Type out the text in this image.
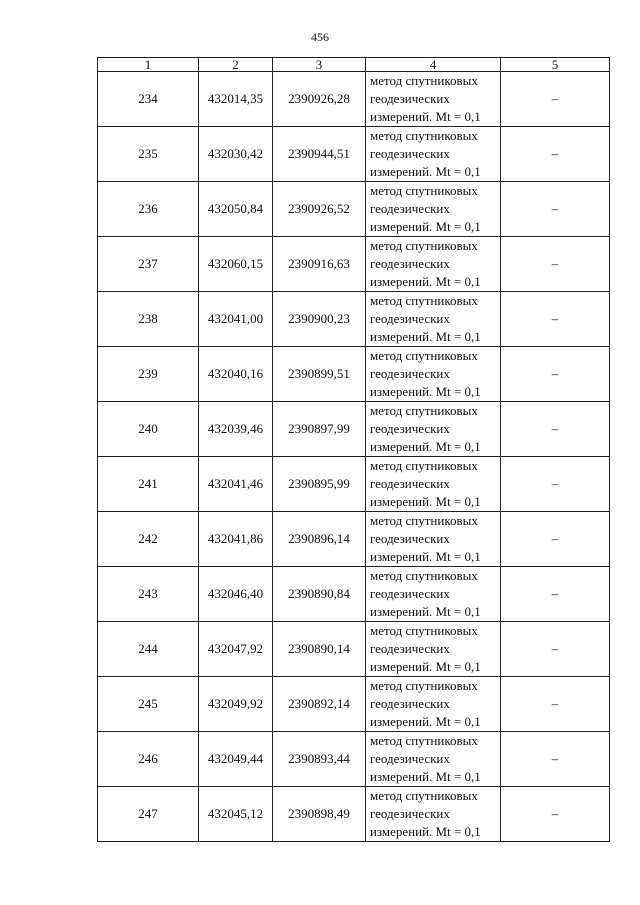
456
1	2	3	4	5
234	432014,35	2390926,28	метод спутниковых
геодезических
измерений. Mt = 0,1	–
235	432030,42	2390944,51	метод спутниковых
геодезических
измерений. Mt = 0,1	–
236	432050,84	2390926,52	метод спутниковых
геодезических
измерений. Mt = 0,1	–
237	432060,15	2390916,63	метод спутниковых
геодезических
измерений. Mt = 0,1	–
238	432041,00	2390900,23	метод спутниковых
геодезических
измерений. Mt = 0,1	–
239	432040,16	2390899,51	метод спутниковых
геодезических
измерений. Mt = 0,1	–
240	432039,46	2390897,99	метод спутниковых
геодезических
измерений. Mt = 0,1	–
241	432041,46	2390895,99	метод спутниковых
геодезических
измерений. Mt = 0,1	–
242	432041,86	2390896,14	метод спутниковых
геодезических
измерений. Mt = 0,1	–
243	432046,40	2390890,84	метод спутниковых
геодезических
измерений. Mt = 0,1	–
244	432047,92	2390890,14	метод спутниковых
геодезических
измерений. Mt = 0,1	–
245	432049,92	2390892,14	метод спутниковых
геодезических
измерений. Mt = 0,1	–
246	432049,44	2390893,44	метод спутниковых
геодезических
измерений. Mt = 0,1	–
247	432045,12	2390898,49	метод спутниковых
геодезических
измерений. Mt = 0,1	–
